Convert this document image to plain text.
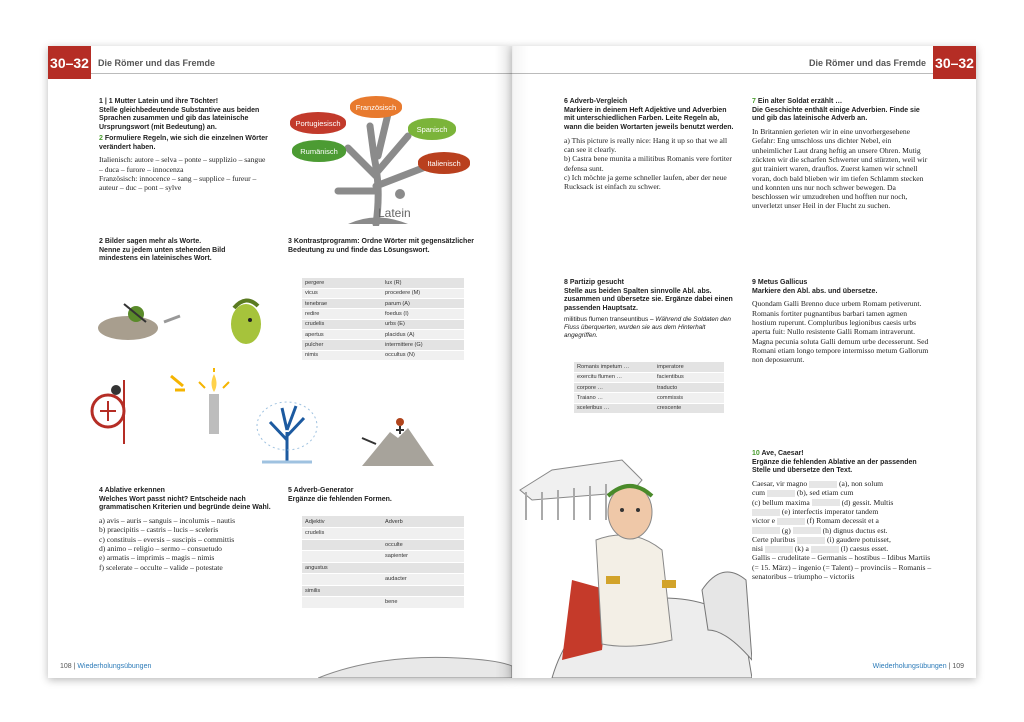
30–32 Die Römer und das Fremde
1 | 1 Mutter Latein und ihre Töchter!
Stelle gleichbedeutende Substantive aus beiden Sprachen zusammen und gib das lateinische Ursprungswort (mit Bedeutung) an.
2 Formuliere Regeln, wie sich die einzelnen Wörter verändert haben.
Italienisch: autore – selva – ponte – supplizio – sangue – duca – furore – innocenza
Französisch: innocence – sang – supplice – fureur – auteur – duc – pont – sylve
Französisch
Portugiesisch
Spanisch
Rumänisch
Italienisch
Latein
2 Bilder sagen mehr als Worte.
Nenne zu jedem unten stehenden Bild mindestens ein lateinisches Wort.
3 Kontrastprogramm: Ordne Wörter mit gegensätzlicher Bedeutung zu und finde das Lösungswort.
pergere	lux (R)
vicus	procedere (M)
tenebrae	parum (A)
redire	foedus (I)
crudelis	urbs (E)
apertus	placidus (A)
pulcher	intermittere (G)
nimis	occultus (N)
4 Ablative erkennen
Welches Wort passt nicht? Entscheide nach grammatischen Kriterien und begründe deine Wahl.
a) avis – auris – sanguis – incolumis – nautis
b) praecipitis – castris – lucis – sceleris
c) constituis – eversis – suscipis – committis
d) animo – religio – sermo – consuetudo
e) armatis – imprimis – magis – nimis
f) scelerate – occulte – valide – potestate
5 Adverb-Generator
Ergänze die fehlenden Formen.
Adjektiv	Adverb
crudelis	
	occulte
	sapienter
angustus	
	audacter
similis	
	bene
108 | Wiederholungsübungen
30–32
Die Römer und das Fremde
6 Adverb-Vergleich
Markiere in deinem Heft Adjektive und Adverbien mit unterschiedlichen Farben. Leite Regeln ab, wann die beiden Wortarten jeweils benutzt werden.
a) This picture is really nice: Hang it up so that we all can see it clearly.
b) Castra bene munita a militibus Romanis vere fortiter defensa sunt.
c) Ich möchte ja gerne schneller laufen, aber der neue Rucksack ist einfach zu schwer.
7 Ein alter Soldat erzählt …
Die Geschichte enthält einige Adverbien. Finde sie und gib das lateinische Adverb an.
In Britannien gerieten wir in eine unvorhergesehene Gefahr: Eng umschloss uns dichter Nebel, ein unheimlicher Laut drang heftig an unsere Ohren. Mutig zückten wir die scharfen Schwerter und stürzten, weil wir gut trainiert waren, drauflos. Zuerst kamen wir schnell voran, doch bald blieben wir im tiefen Schlamm stecken und konnten uns nur noch schwer bewegen. Da beschlossen wir umzudrehen und hofften nur noch, unverletzt unser Heil in der Flucht zu suchen.
8 Partizip gesucht
Stelle aus beiden Spalten sinnvolle Abl. abs. zusammen und übersetze sie. Ergänze dabei einen passenden Hauptsatz.
militibus flumen transeuntibus – Während die Soldaten den Fluss überquerten, wurden sie aus dem Hinterhalt angegriffen.
Romanis impetum …	imperatore
exercitu flumen …	facientibus
corpore …	traducto
Traiano …	commissis
sceleribus …	crescente
9 Metus Gallicus
Markiere den Abl. abs. und übersetze.
Quondam Galli Brenno duce urbem Romam petiverunt. Romanis fortiter pugnantibus barbari tamen agmen hostium ruperunt. Compluribus legionibus caesis urbs aperta fuit: Nullo resistente Galli Romam intraverunt. Magna pecunia soluta Galli demum urbe decesserunt. Sed Romani etiam longo tempore intermisso metum Gallorum non deposuerunt.
10 Ave, Caesar!
Ergänze die fehlenden Ablative an der passenden Stelle und übersetze den Text.
Caesar, vir magno	(a), non solum
cum	(b), sed etiam cum
(c) bellum maxima	(d) gessit. Multis
(e) interfectis imperator tandem
victor e	(f) Romam decessit et a
(g)	(h) dignus ductus est.
Certe pluribus	(i) gaudere potuisset,
nisi	(k) a	(l) caesus esset.
Gallis – crudelitate – Germanis – hostibus – Idibus Martiis (= 15. März) – ingenio (= Talent) – provinciis – Romanis – senatoribus – triumpho – victoriis
Wiederholungsübungen | 109
